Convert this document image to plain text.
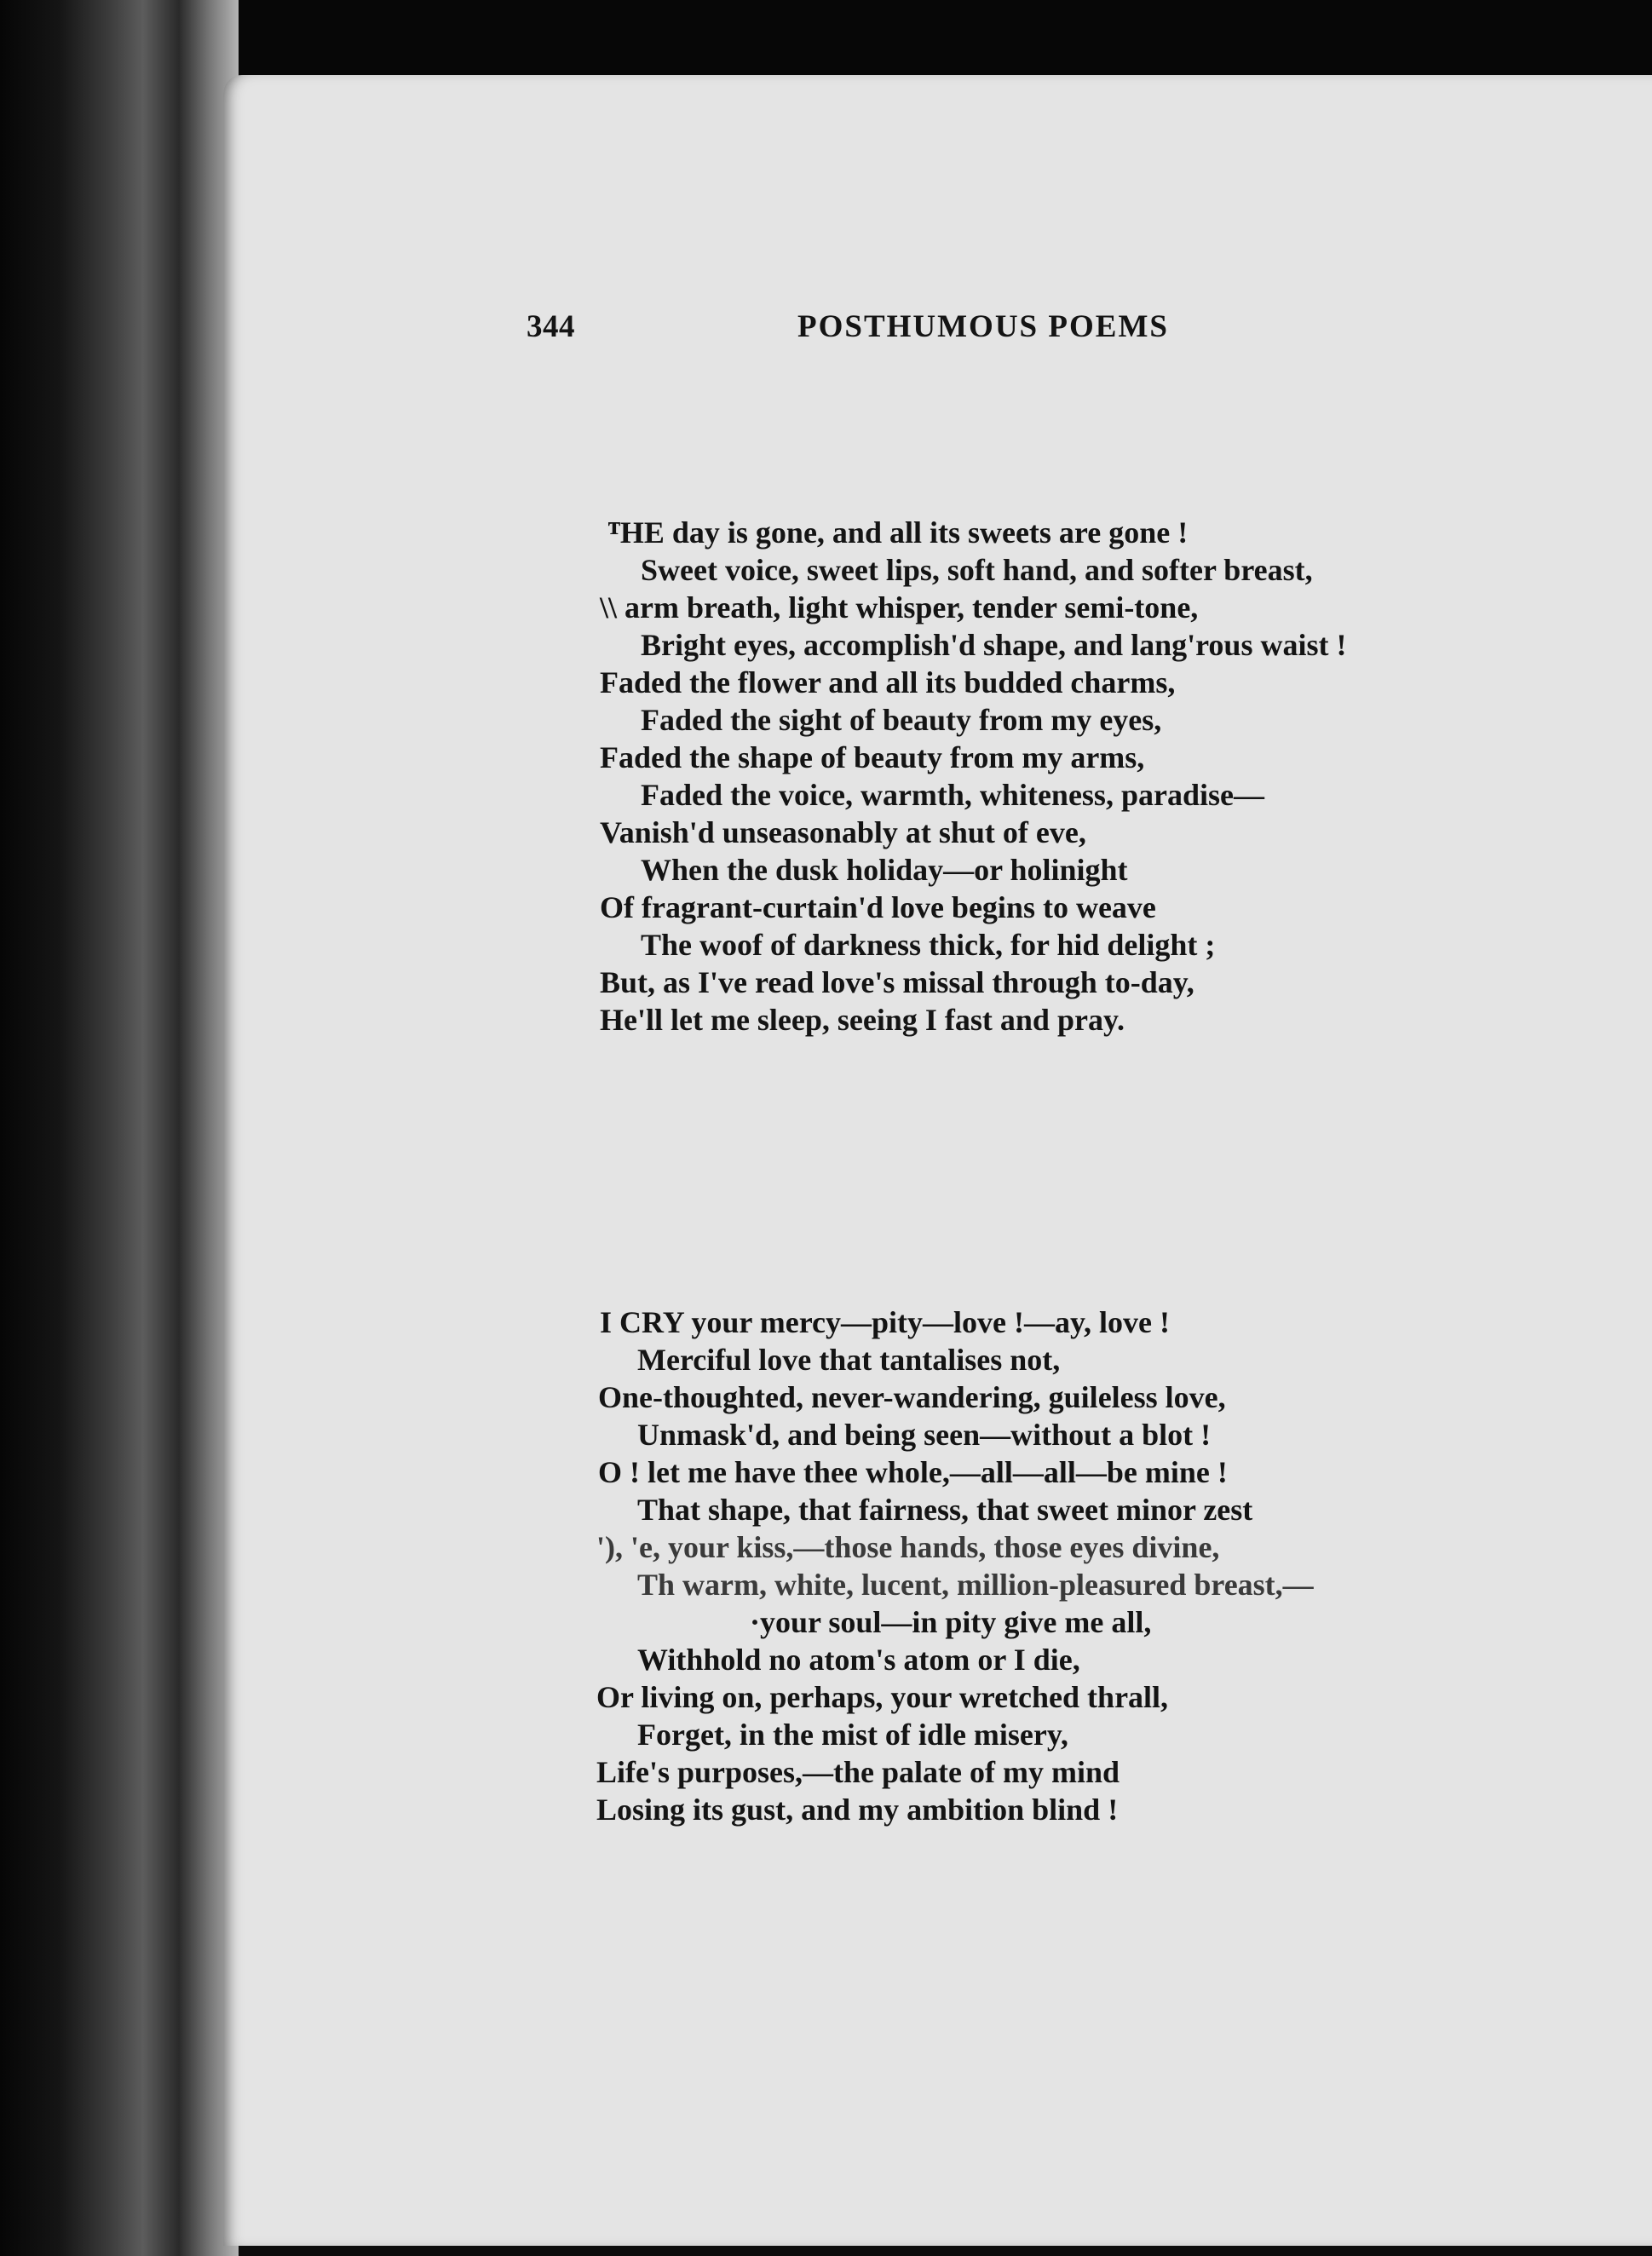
344	POSTHUMOUS POEMS
ᵀHE day is gone, and all its sweets are gone !
Sweet voice, sweet lips, soft hand, and softer breast,
\\ arm breath, light whisper, tender semi-tone,
Bright eyes, accomplish'd shape, and lang'rous waist !
Faded the flower and all its budded charms,
Faded the sight of beauty from my eyes,
Faded the shape of beauty from my arms,
Faded the voice, warmth, whiteness, paradise—
Vanish'd unseasonably at shut of eve,
When the dusk holiday—or holinight
Of fragrant-curtain'd love begins to weave
The woof of darkness thick, for hid delight ;
But, as I've read love's missal through to-day,
He'll let me sleep, seeing I fast and pray.
I CRY your mercy—pity—love !—ay, love !
Merciful love that tantalises not,
One-thoughted, never-wandering, guileless love,
Unmask'd, and being seen—without a blot !
O ! let me have thee whole,—all—all—be mine !
That shape, that fairness, that sweet minor zest
'), 'e, your kiss,—those hands, those eyes divine,
Th warm, white, lucent, million-pleasured breast,—
·your soul—in pity give me all,
Withhold no atom's atom or I die,
Or living on, perhaps, your wretched thrall,
Forget, in the mist of idle misery,
Life's purposes,—the palate of my mind
Losing its gust, and my ambition blind !
